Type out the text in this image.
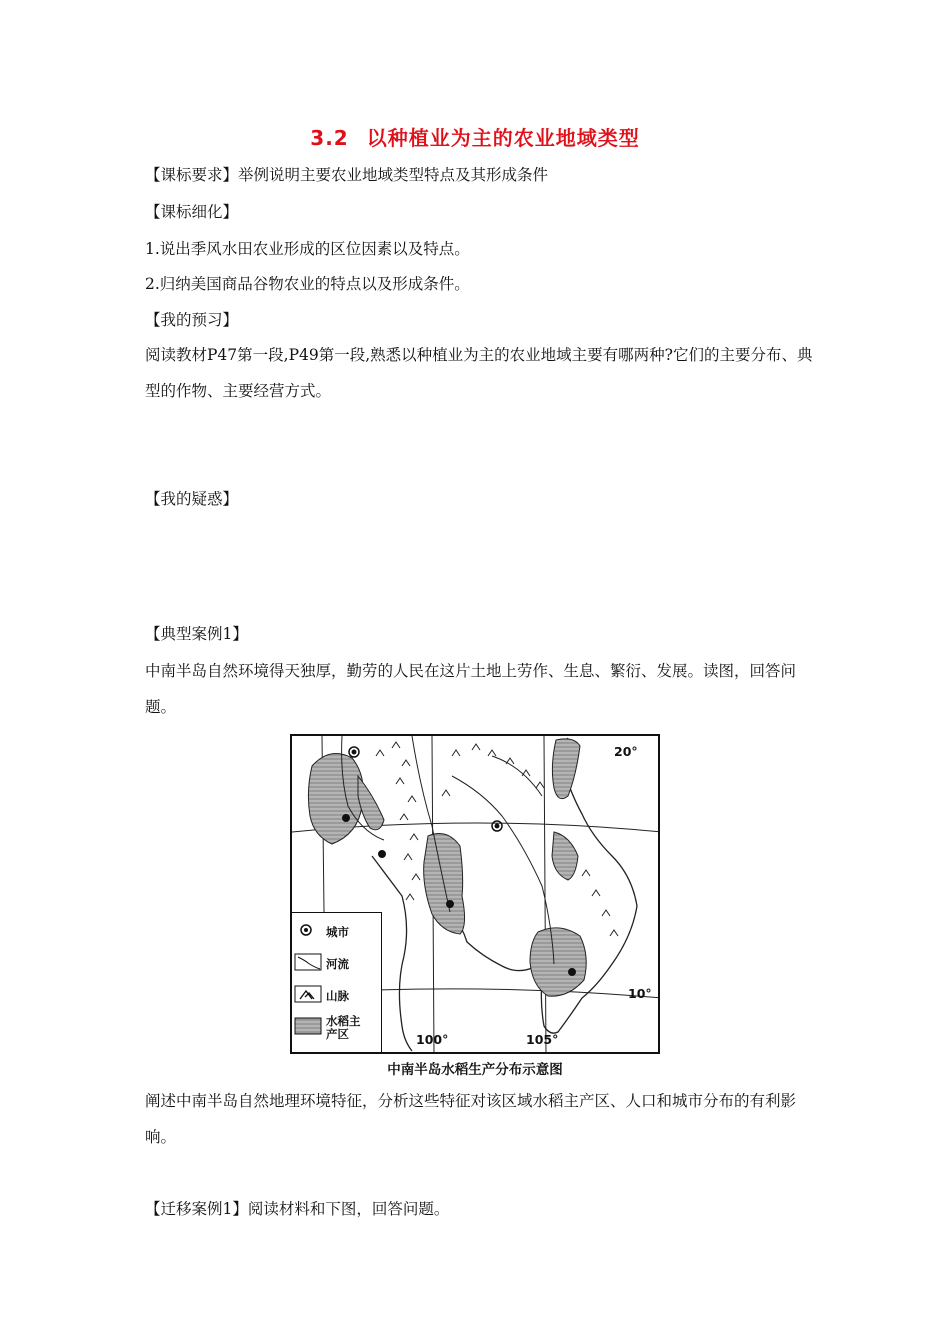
3.2 以种植业为主的农业地域类型
【课标要求】举例说明主要农业地域类型特点及其形成条件
【课标细化】
1.说出季风水田农业形成的区位因素以及特点。
2.归纳美国商品谷物农业的特点以及形成条件。
【我的预习】
阅读教材P47第一段,P49第一段,熟悉以种植业为主的农业地域主要有哪两种?它们的主要分布、典型的作物、主要经营方式。
【我的疑惑】
【典型案例1】
中南半岛自然环境得天独厚，勤劳的人民在这片土地上劳作、生息、繁衍、发展。读图，回答问题。
20°
10°
100°	105°
城市
河流
山脉
水稻主
产区
中南半岛水稻生产分布示意图
阐述中南半岛自然地理环境特征，分析这些特征对该区域水稻主产区、人口和城市分布的有利影响。
【迁移案例1】阅读材料和下图，回答问题。
